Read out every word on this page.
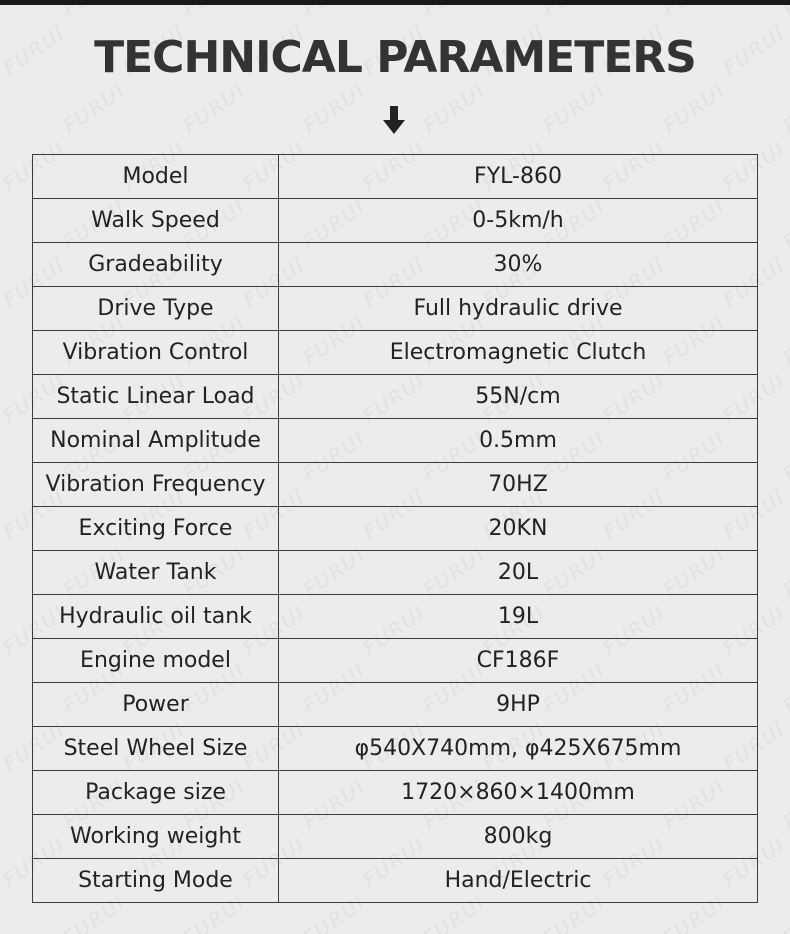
TECHNICAL PARAMETERS
Model	FYL-860
Walk Speed	0-5km/h
Gradeability	30%
Drive Type	Full hydraulic drive
Vibration Control	Electromagnetic Clutch
Static Linear Load	55N/cm
Nominal Amplitude	0.5mm
Vibration Frequency	70HZ
Exciting Force	20KN
Water Tank	20L
Hydraulic oil tank	19L
Engine model	CF186F
Power	9HP
Steel Wheel Size	φ540X740mm, φ425X675mm
Package size	1720×860×1400mm
Working weight	800kg
Starting Mode	Hand/Electric
